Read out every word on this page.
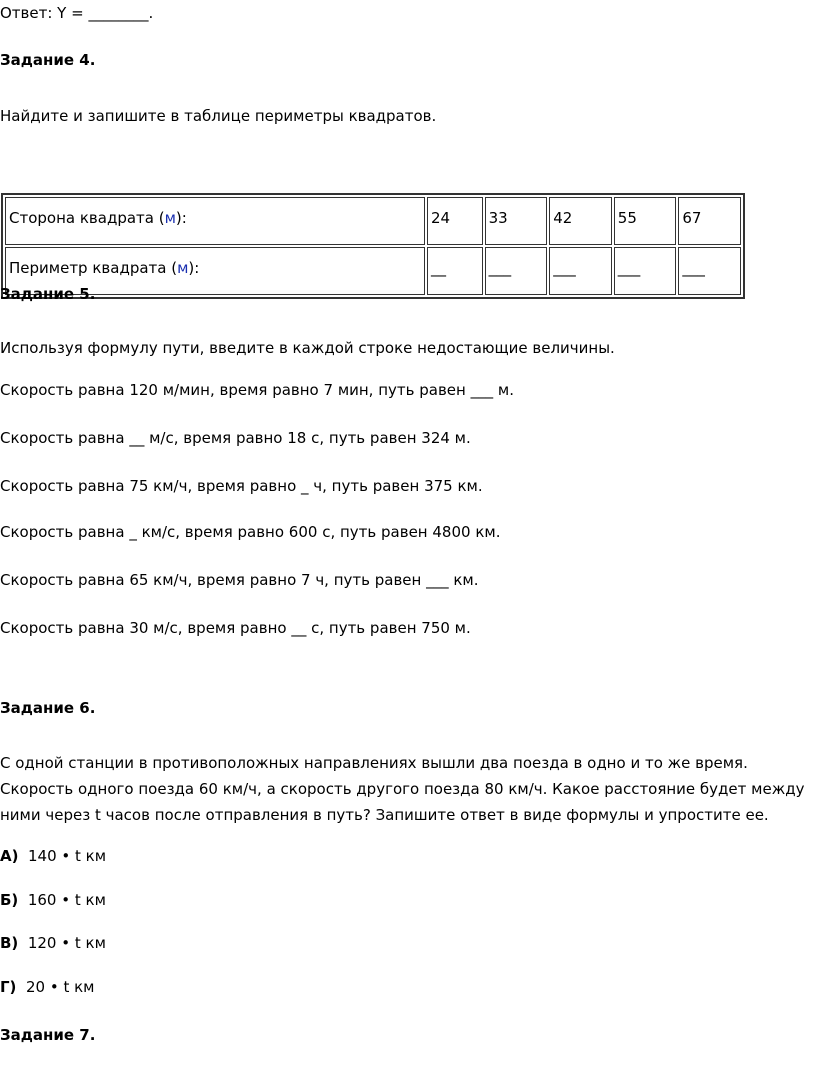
Ответ: Y = ________.
Задание 4.
Найдите и запишите в таблице периметры квадратов.
Сторона квадрата (м):	24	33	42	55	67
Периметр квадрата (м):	__	___	___	___	___
Задание 5.
Используя формулу пути, введите в каждой строке недостающие величины.
Скорость равна 120 м/мин, время равно 7 мин, путь равен ___ м.
Скорость равна __ м/с, время равно 18 с, путь равен 324 м.
Скорость равна 75 км/ч, время равно _ ч, путь равен 375 км.
Скорость равна _ км/с, время равно 600 с, путь равен 4800 км.
Скорость равна 65 км/ч, время равно 7 ч, путь равен ___ км.
Скорость равна 30 м/с, время равно __ с, путь равен 750 м.
Задание 6.
С одной станции в противоположных направлениях вышли два поезда в одно и то же время. Скорость одного поезда 60 км/ч, а скорость другого поезда 80 км/ч. Какое расстояние будет между ними через t часов после отправления в путь? Запишите ответ в виде формулы и упростите ее.
А) 140 • t км
Б) 160 • t км
В) 120 • t км
Г) 20 • t км
Задание 7.
